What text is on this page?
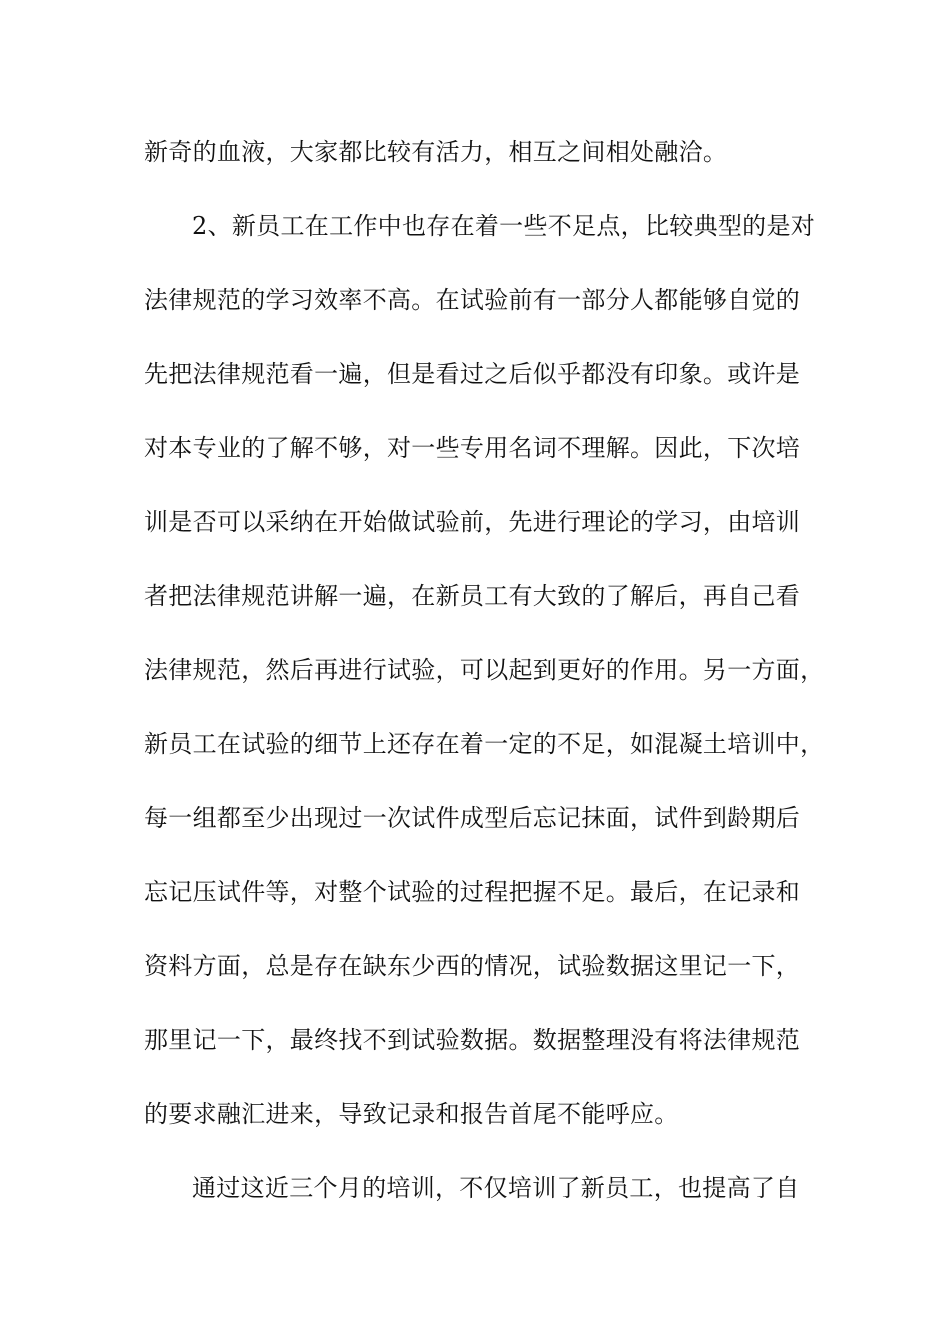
新奇的血液，大家都比较有活力，相互之间相处融洽。
2、新员工在工作中也存在着一些不足点，比较典型的是对
法律规范的学习效率不高。在试验前有一部分人都能够自觉的
先把法律规范看一遍，但是看过之后似乎都没有印象。或许是
对本专业的了解不够，对一些专用名词不理解。因此，下次培
训是否可以采纳在开始做试验前，先进行理论的学习，由培训
者把法律规范讲解一遍，在新员工有大致的了解后，再自己看
法律规范，然后再进行试验，可以起到更好的作用。另一方面，
新员工在试验的细节上还存在着一定的不足，如混凝土培训中，
每一组都至少出现过一次试件成型后忘记抹面，试件到龄期后
忘记压试件等，对整个试验的过程把握不足。最后，在记录和
资料方面，总是存在缺东少西的情况，试验数据这里记一下，
那里记一下，最终找不到试验数据。数据整理没有将法律规范
的要求融汇进来，导致记录和报告首尾不能呼应。
通过这近三个月的培训，不仅培训了新员工，也提高了自
